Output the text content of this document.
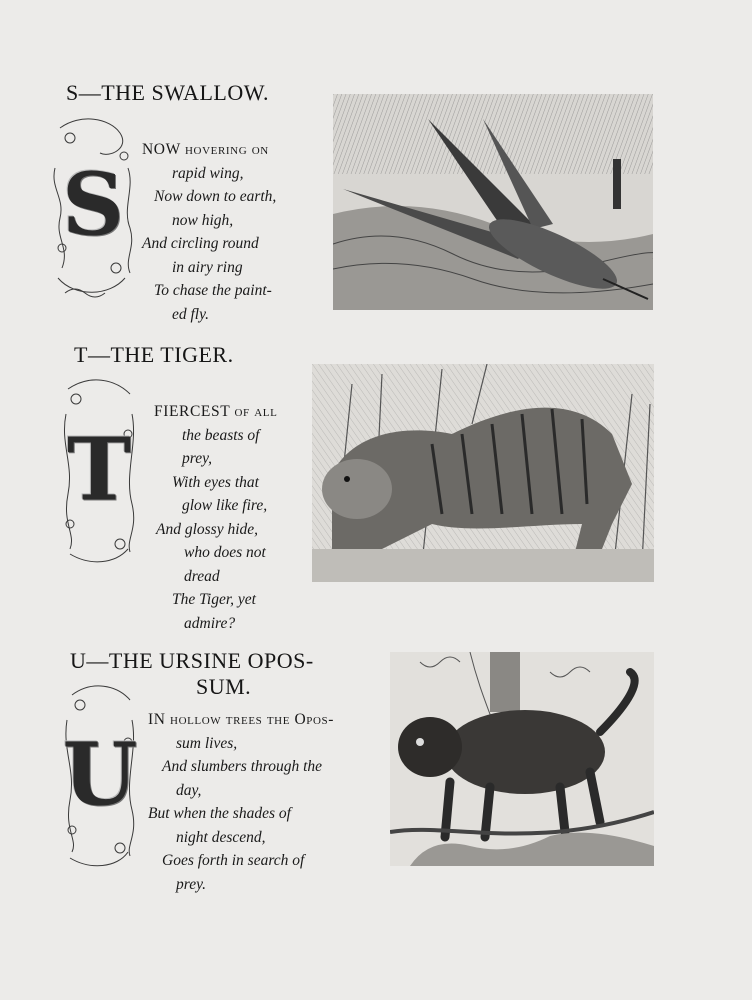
S—THE SWALLOW.
S
NOW hovering on
rapid wing,
Now down to earth,
now high,
And circling round
in airy ring
To chase the paint-
ed fly.
T—THE TIGER.
T
FIERCEST of all
the beasts of
prey,
With eyes that
glow like fire,
And glossy hide,
who does not
dread
The Tiger, yet
admire?
U—THE URSINE OPOS-
SUM.
U
IN hollow trees the Opos-
sum lives,
And slumbers through the
day,
But when the shades of
night descend,
Goes forth in search of
prey.
